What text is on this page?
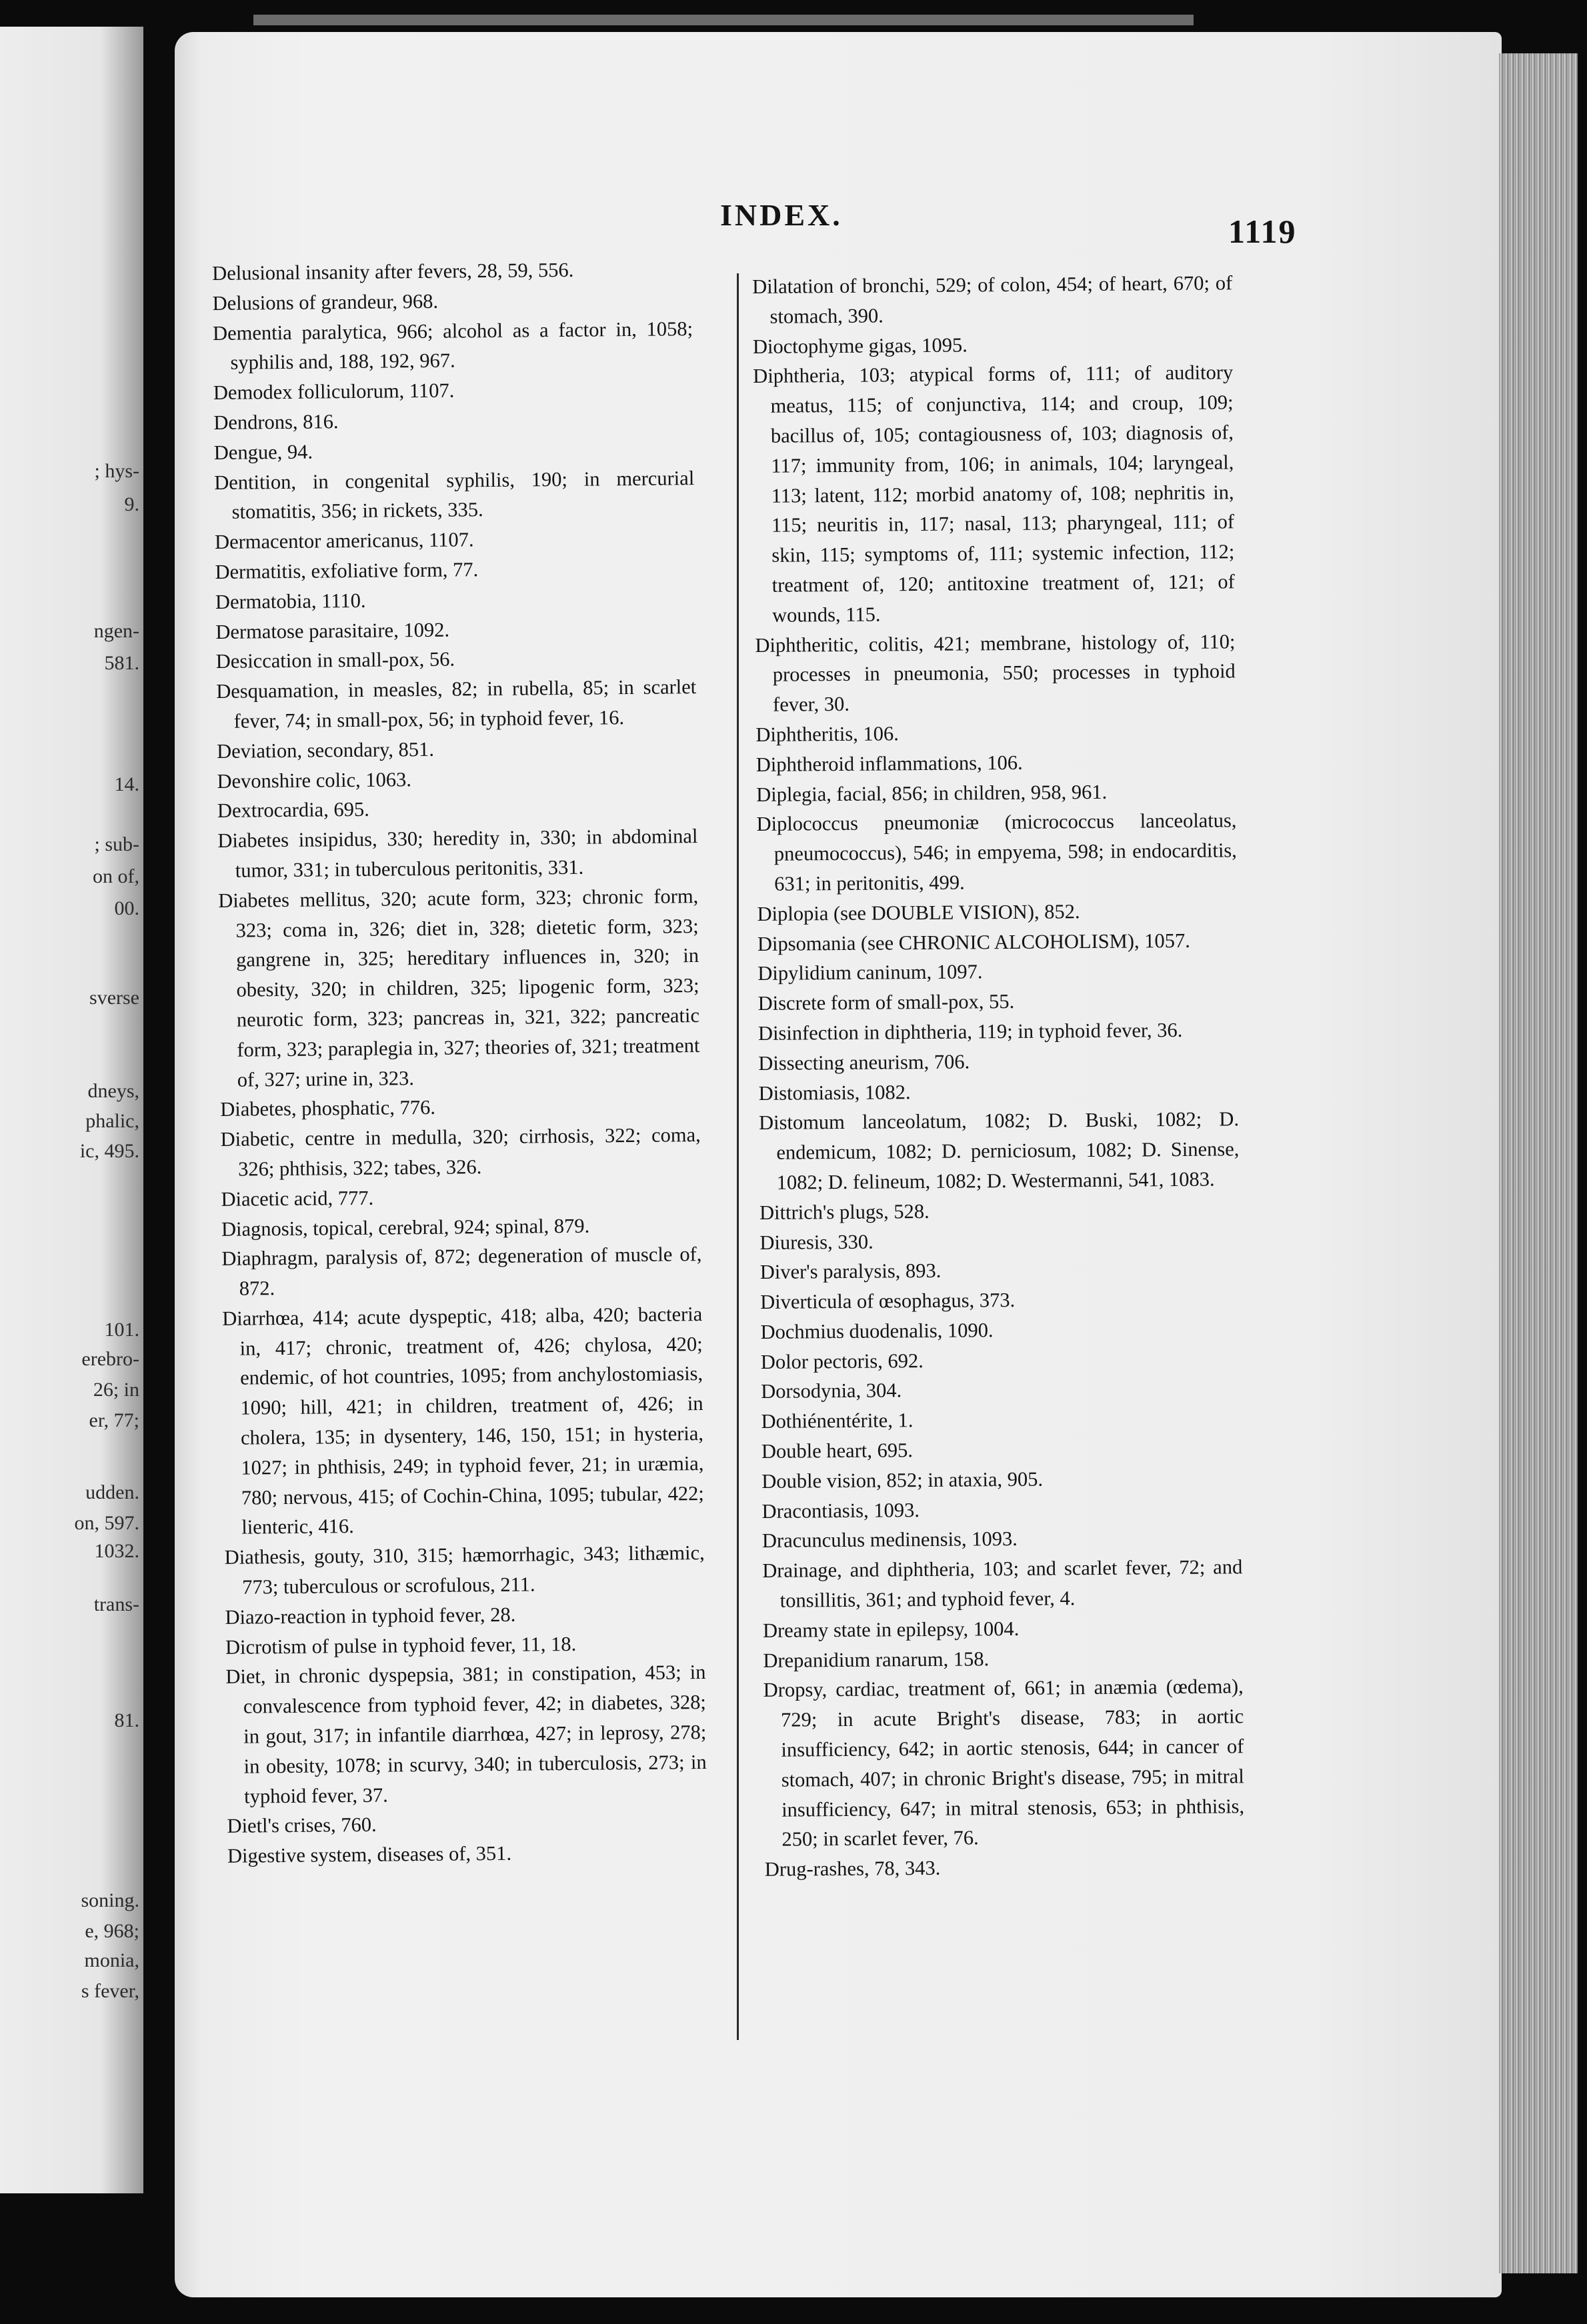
; hys-
9.
ngen-
581.
14.
; sub-
on of,
00.
sverse
dneys,
phalic,
ic, 495.
101.
erebro-
26; in
er, 77;
udden.
on, 597.
1032.
trans-
81.
soning.
e, 968;
monia,
s fever,
INDEX.	1119

Delusional insanity after fevers, 28, 59, 556.

Delusions of grandeur, 968.

Dementia paralytica, 966; alcohol as a factor in, 1058; syphilis and, 188, 192, 967.

Demodex folliculorum, 1107.

Dendrons, 816.

Dengue, 94.

Dentition, in congenital syphilis, 190; in mercurial stomatitis, 356; in rickets, 335.

Dermacentor americanus, 1107.

Dermatitis, exfoliative form, 77.

Dermatobia, 1110.

Dermatose parasitaire, 1092.

Desiccation in small-pox, 56.

Desquamation, in measles, 82; in rubella, 85; in scarlet fever, 74; in small-pox, 56; in typhoid fever, 16.

Deviation, secondary, 851.

Devonshire colic, 1063.

Dextrocardia, 695.

Diabetes insipidus, 330; heredity in, 330; in abdominal tumor, 331; in tuberculous peritonitis, 331.

Diabetes mellitus, 320; acute form, 323; chronic form, 323; coma in, 326; diet in, 328; dietetic form, 323; gangrene in, 325; hereditary influences in, 320; in obesity, 320; in children, 325; lipogenic form, 323; neurotic form, 323; pancreas in, 321, 322; pancreatic form, 323; paraplegia in, 327; theories of, 321; treatment of, 327; urine in, 323.

Diabetes, phosphatic, 776.

Diabetic, centre in medulla, 320; cirrhosis, 322; coma, 326; phthisis, 322; tabes, 326.

Diacetic acid, 777.

Diagnosis, topical, cerebral, 924; spinal, 879.

Diaphragm, paralysis of, 872; degeneration of muscle of, 872.

Diarrhœa, 414; acute dyspeptic, 418; alba, 420; bacteria in, 417; chronic, treatment of, 426; chylosa, 420; endemic, of hot countries, 1095; from anchylostomiasis, 1090; hill, 421; in children, treatment of, 426; in cholera, 135; in dysentery, 146, 150, 151; in hysteria, 1027; in phthisis, 249; in typhoid fever, 21; in uræmia, 780; nervous, 415; of Cochin-China, 1095; tubular, 422; lienteric, 416.

Diathesis, gouty, 310, 315; hæmorrhagic, 343; lithæmic, 773; tuberculous or scrofulous, 211.

Diazo-reaction in typhoid fever, 28.

Dicrotism of pulse in typhoid fever, 11, 18.

Diet, in chronic dyspepsia, 381; in constipation, 453; in convalescence from typhoid fever, 42; in diabetes, 328; in gout, 317; in infantile diarrhœa, 427; in leprosy, 278; in obesity, 1078; in scurvy, 340; in tuberculosis, 273; in typhoid fever, 37.

Dietl's crises, 760.

Digestive system, diseases of, 351.

Dilatation of bronchi, 529; of colon, 454; of heart, 670; of stomach, 390.

Dioctophyme gigas, 1095.

Diphtheria, 103; atypical forms of, 111; of auditory meatus, 115; of conjunctiva, 114; and croup, 109; bacillus of, 105; contagiousness of, 103; diagnosis of, 117; immunity from, 106; in animals, 104; laryngeal, 113; latent, 112; morbid anatomy of, 108; nephritis in, 115; neuritis in, 117; nasal, 113; pharyngeal, 111; of skin, 115; symptoms of, 111; systemic infection, 112; treatment of, 120; antitoxine treatment of, 121; of wounds, 115.

Diphtheritic, colitis, 421; membrane, histology of, 110; processes in pneumonia, 550; processes in typhoid fever, 30.

Diphtheritis, 106.

Diphtheroid inflammations, 106.

Diplegia, facial, 856; in children, 958, 961.

Diplococcus pneumoniæ (micrococcus lanceolatus, pneumococcus), 546; in empyema, 598; in endocarditis, 631; in peritonitis, 499.

Diplopia (see DOUBLE VISION), 852.

Dipsomania (see CHRONIC ALCOHOLISM), 1057.

Dipylidium caninum, 1097.

Discrete form of small-pox, 55.

Disinfection in diphtheria, 119; in typhoid fever, 36.

Dissecting aneurism, 706.

Distomiasis, 1082.

Distomum lanceolatum, 1082; D. Buski, 1082; D. endemicum, 1082; D. perniciosum, 1082; D. Sinense, 1082; D. felineum, 1082; D. Westermanni, 541, 1083.

Dittrich's plugs, 528.

Diuresis, 330.

Diver's paralysis, 893.

Diverticula of œsophagus, 373.

Dochmius duodenalis, 1090.

Dolor pectoris, 692.

Dorsodynia, 304.

Dothiénentérite, 1.

Double heart, 695.

Double vision, 852; in ataxia, 905.

Dracontiasis, 1093.

Dracunculus medinensis, 1093.

Drainage, and diphtheria, 103; and scarlet fever, 72; and tonsillitis, 361; and typhoid fever, 4.

Dreamy state in epilepsy, 1004.

Drepanidium ranarum, 158.

Dropsy, cardiac, treatment of, 661; in anæmia (œdema), 729; in acute Bright's disease, 783; in aortic insufficiency, 642; in aortic stenosis, 644; in cancer of stomach, 407; in chronic Bright's disease, 795; in mitral insufficiency, 647; in mitral stenosis, 653; in phthisis, 250; in scarlet fever, 76.

Drug-rashes, 78, 343.
